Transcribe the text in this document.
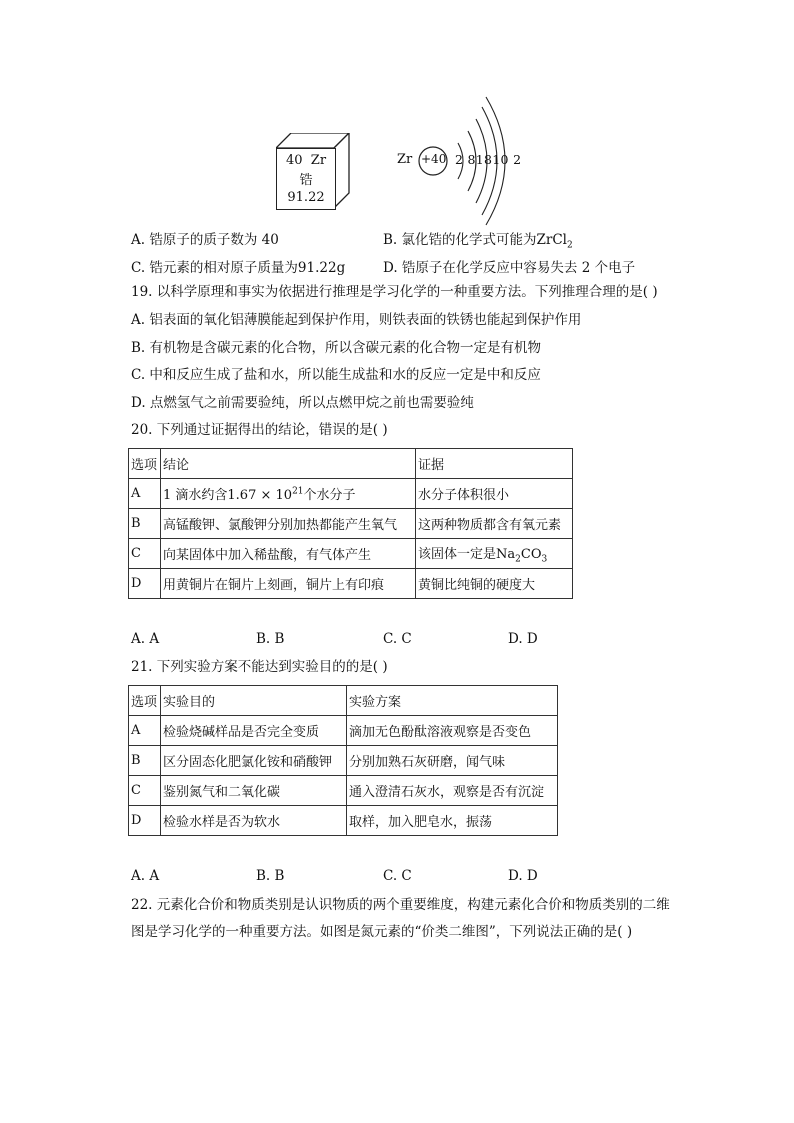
40 Zr
锆
91.22
Zr +40 2 81810 2
A. 锆原子的质子数为 40	B. 氯化锆的化学式可能为ZrCl$_2$
C. 锆元素的相对原子质量为91.22g	D. 锆原子在化学反应中容易失去 2 个电子
19. 以科学原理和事实为依据进行推理是学习化学的一种重要方法。下列推理合理的是( )
A. 铝表面的氧化铝薄膜能起到保护作用，则铁表面的铁锈也能起到保护作用
B. 有机物是含碳元素的化合物，所以含碳元素的化合物一定是有机物
C. 中和反应生成了盐和水，所以能生成盐和水的反应一定是中和反应
D. 点燃氢气之前需要验纯，所以点燃甲烷之前也需要验纯
20. 下列通过证据得出的结论，错误的是( )
选项	结论	证据
A	1 滴水约含$1.67 \times 10^{21}$个水分子	水分子体积很小
B	高锰酸钾、氯酸钾分别加热都能产生氧气	这两种物质都含有氧元素
C	向某固体中加入稀盐酸，有气体产生	该固体一定是$Na_2CO_3$
D	用黄铜片在铜片上刻画，铜片上有印痕	黄铜比纯铜的硬度大
A. A	B. B	C. C	D. D
21. 下列实验方案不能达到实验目的的是( )
选项	实验目的	实验方案
A	检验烧碱样品是否完全变质	滴加无色酚酞溶液观察是否变色
B	区分固态化肥氯化铵和硝酸钾	分别加熟石灰研磨，闻气味
C	鉴别氮气和二氧化碳	通入澄清石灰水，观察是否有沉淀
D	检验水样是否为软水	取样，加入肥皂水，振荡
A. A	B. B	C. C	D. D
22. 元素化合价和物质类别是认识物质的两个重要维度，构建元素化合价和物质类别的二维
图是学习化学的一种重要方法。如图是氮元素的“价类二维图”，下列说法正确的是( )
